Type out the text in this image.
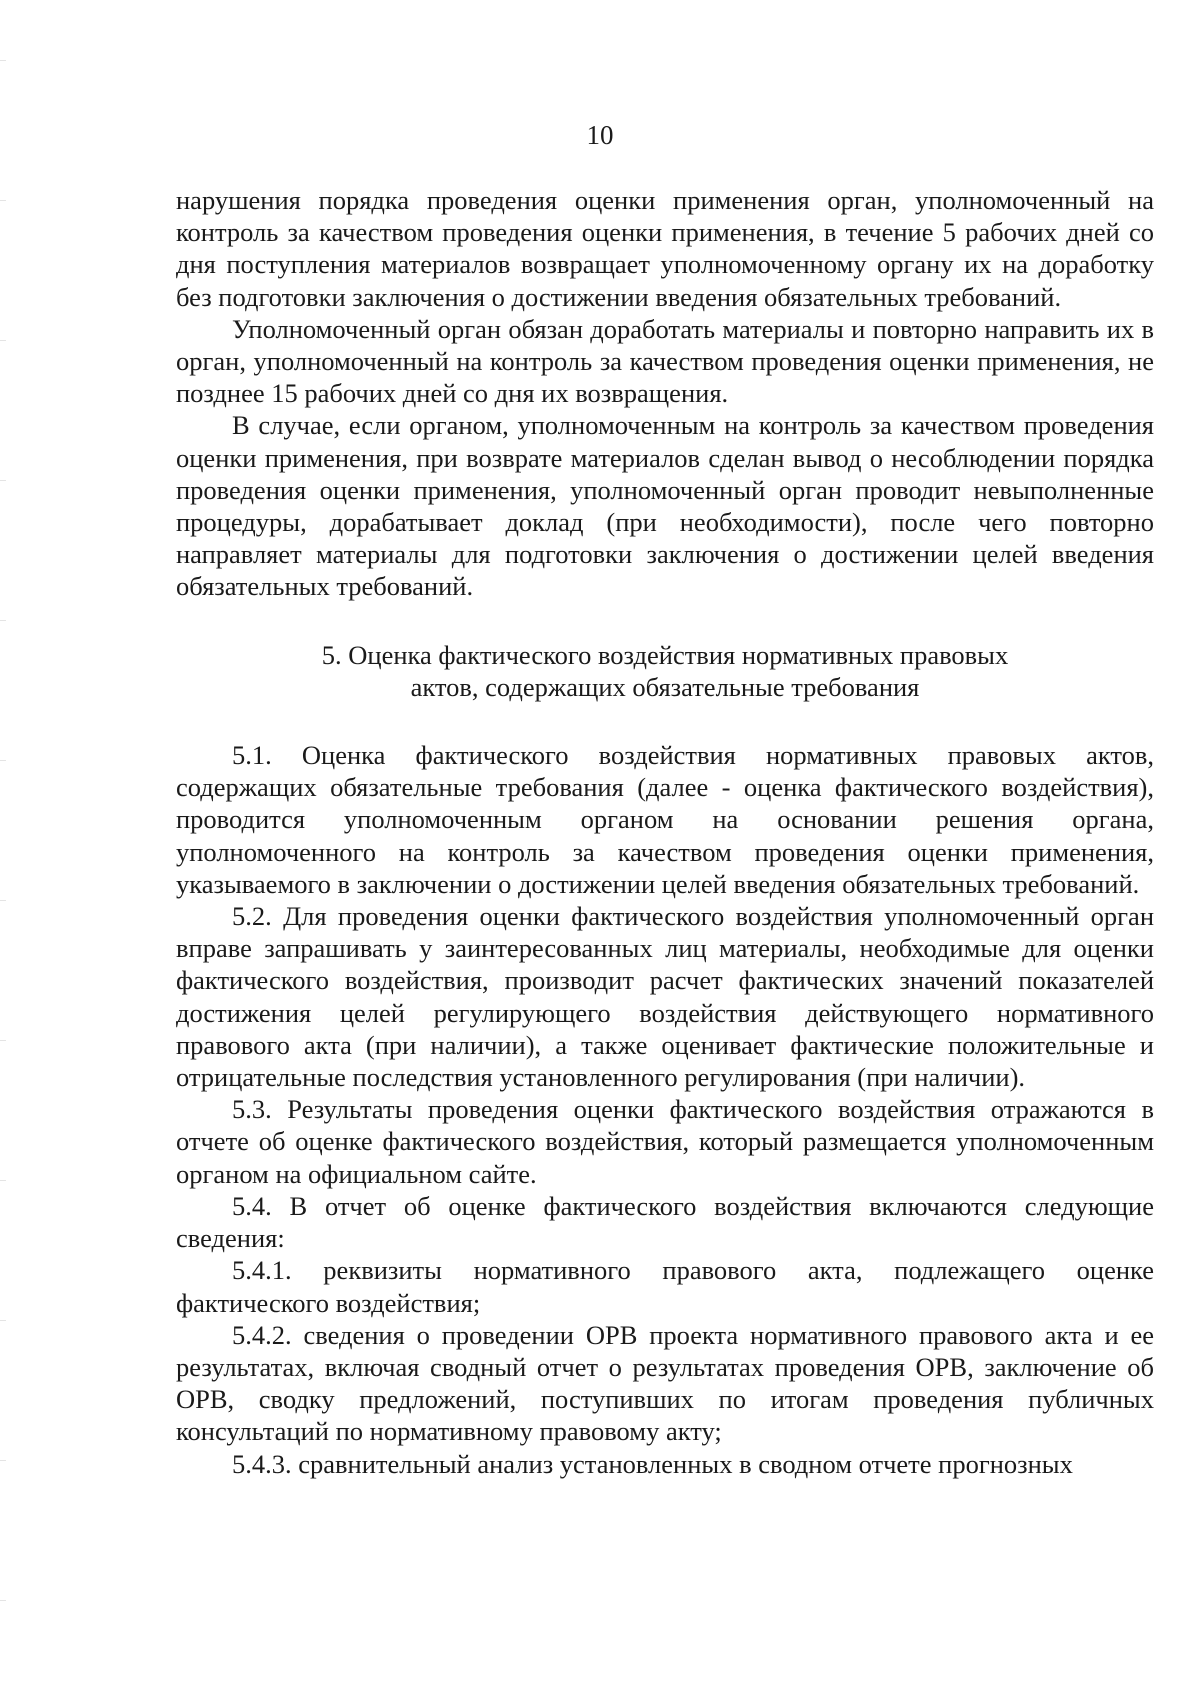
10

нарушения порядка проведения оценки применения орган, уполномоченный на контроль за качеством проведения оценки применения, в течение 5 рабочих дней со дня поступления материалов возвращает уполномоченному органу их на доработку без подготовки заключения о достижении введения обязательных требований.

Уполномоченный орган обязан доработать материалы и повторно направить их в орган, уполномоченный на контроль за качеством проведения оценки применения, не позднее 15 рабочих дней со дня их возвращения.

В случае, если органом, уполномоченным на контроль за качеством проведения оценки применения, при возврате материалов сделан вывод о несоблюдении порядка проведения оценки применения, уполномоченный орган проводит невыполненные процедуры, дорабатывает доклад (при необходимости), после чего повторно направляет материалы для подготовки заключения о достижении целей введения обязательных требований.

5. Оценка фактического воздействия нормативных правовых
актов, содержащих обязательные требования

5.1. Оценка фактического воздействия нормативных правовых актов, содержащих обязательные требования (далее - оценка фактического воздействия), проводится уполномоченным органом на основании решения органа, уполномоченного на контроль за качеством проведения оценки применения, указываемого в заключении о достижении целей введения обязательных требований.

5.2. Для проведения оценки фактического воздействия уполномоченный орган вправе запрашивать у заинтересованных лиц материалы, необходимые для оценки фактического воздействия, производит расчет фактических значений показателей достижения целей регулирующего воздействия действующего нормативного правового акта (при наличии), а также оценивает фактические положительные и отрицательные последствия установленного регулирования (при наличии).

5.3. Результаты проведения оценки фактического воздействия отражаются в отчете об оценке фактического воздействия, который размещается уполномоченным органом на официальном сайте.

5.4. В отчет об оценке фактического воздействия включаются следующие сведения:

5.4.1. реквизиты нормативного правового акта, подлежащего оценке фактического воздействия;

5.4.2. сведения о проведении ОРВ проекта нормативного правового акта и ее результатах, включая сводный отчет о результатах проведения ОРВ, заключение об ОРВ, сводку предложений, поступивших по итогам проведения публичных консультаций по нормативному правовому акту;

5.4.3. сравнительный анализ установленных в сводном отчете прогнозных
